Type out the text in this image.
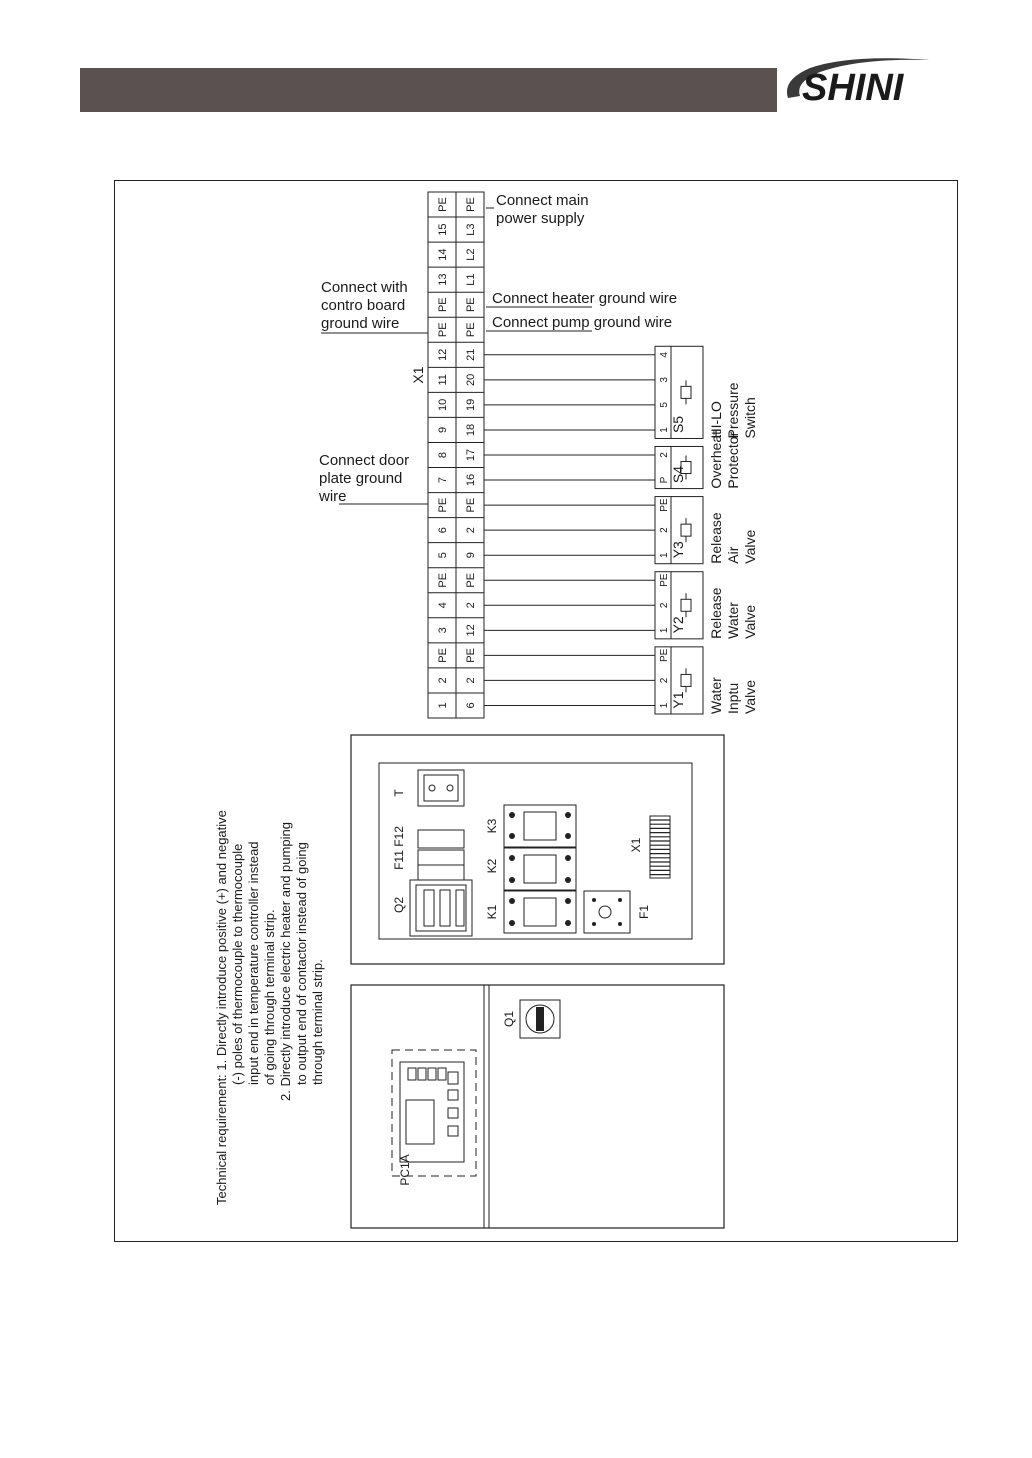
SHINI
PE PE
15 L3
14 L2
13 L1
PE PE
PE PE
12 21
11 20
10 19
9 18
8 17
7 16
PE PE
6 2
5 9
PE PE
4 2
3 12
PE PE
2 2
1 6
4
3
5
1 S5 HI-LO Pressure Switch
2
P S4 Overheat Protector
PE
2
1 Y3 Release Air Valve
PE
2
1 Y2 Release Water Valve
PE
2
1 Y1 Water Inptu Valve
X1
Connect main
power supply
Connect with
contro board
ground wire
Connect heater ground wire
Connect pump ground wire
Connect door
plate ground
wire
Technical requirement: 1. Directly introduce positive (+) and negative (-) poles of thermocouple to thermocouple input end in temperature controller instead of going through terminal strip. 2. Directly introduce electric heater and pumping to output end of contactor instead of going through terminal strip.
T
F11 F12
Q2
K3
K2
K1	F1
X1
PC1A
Q1
